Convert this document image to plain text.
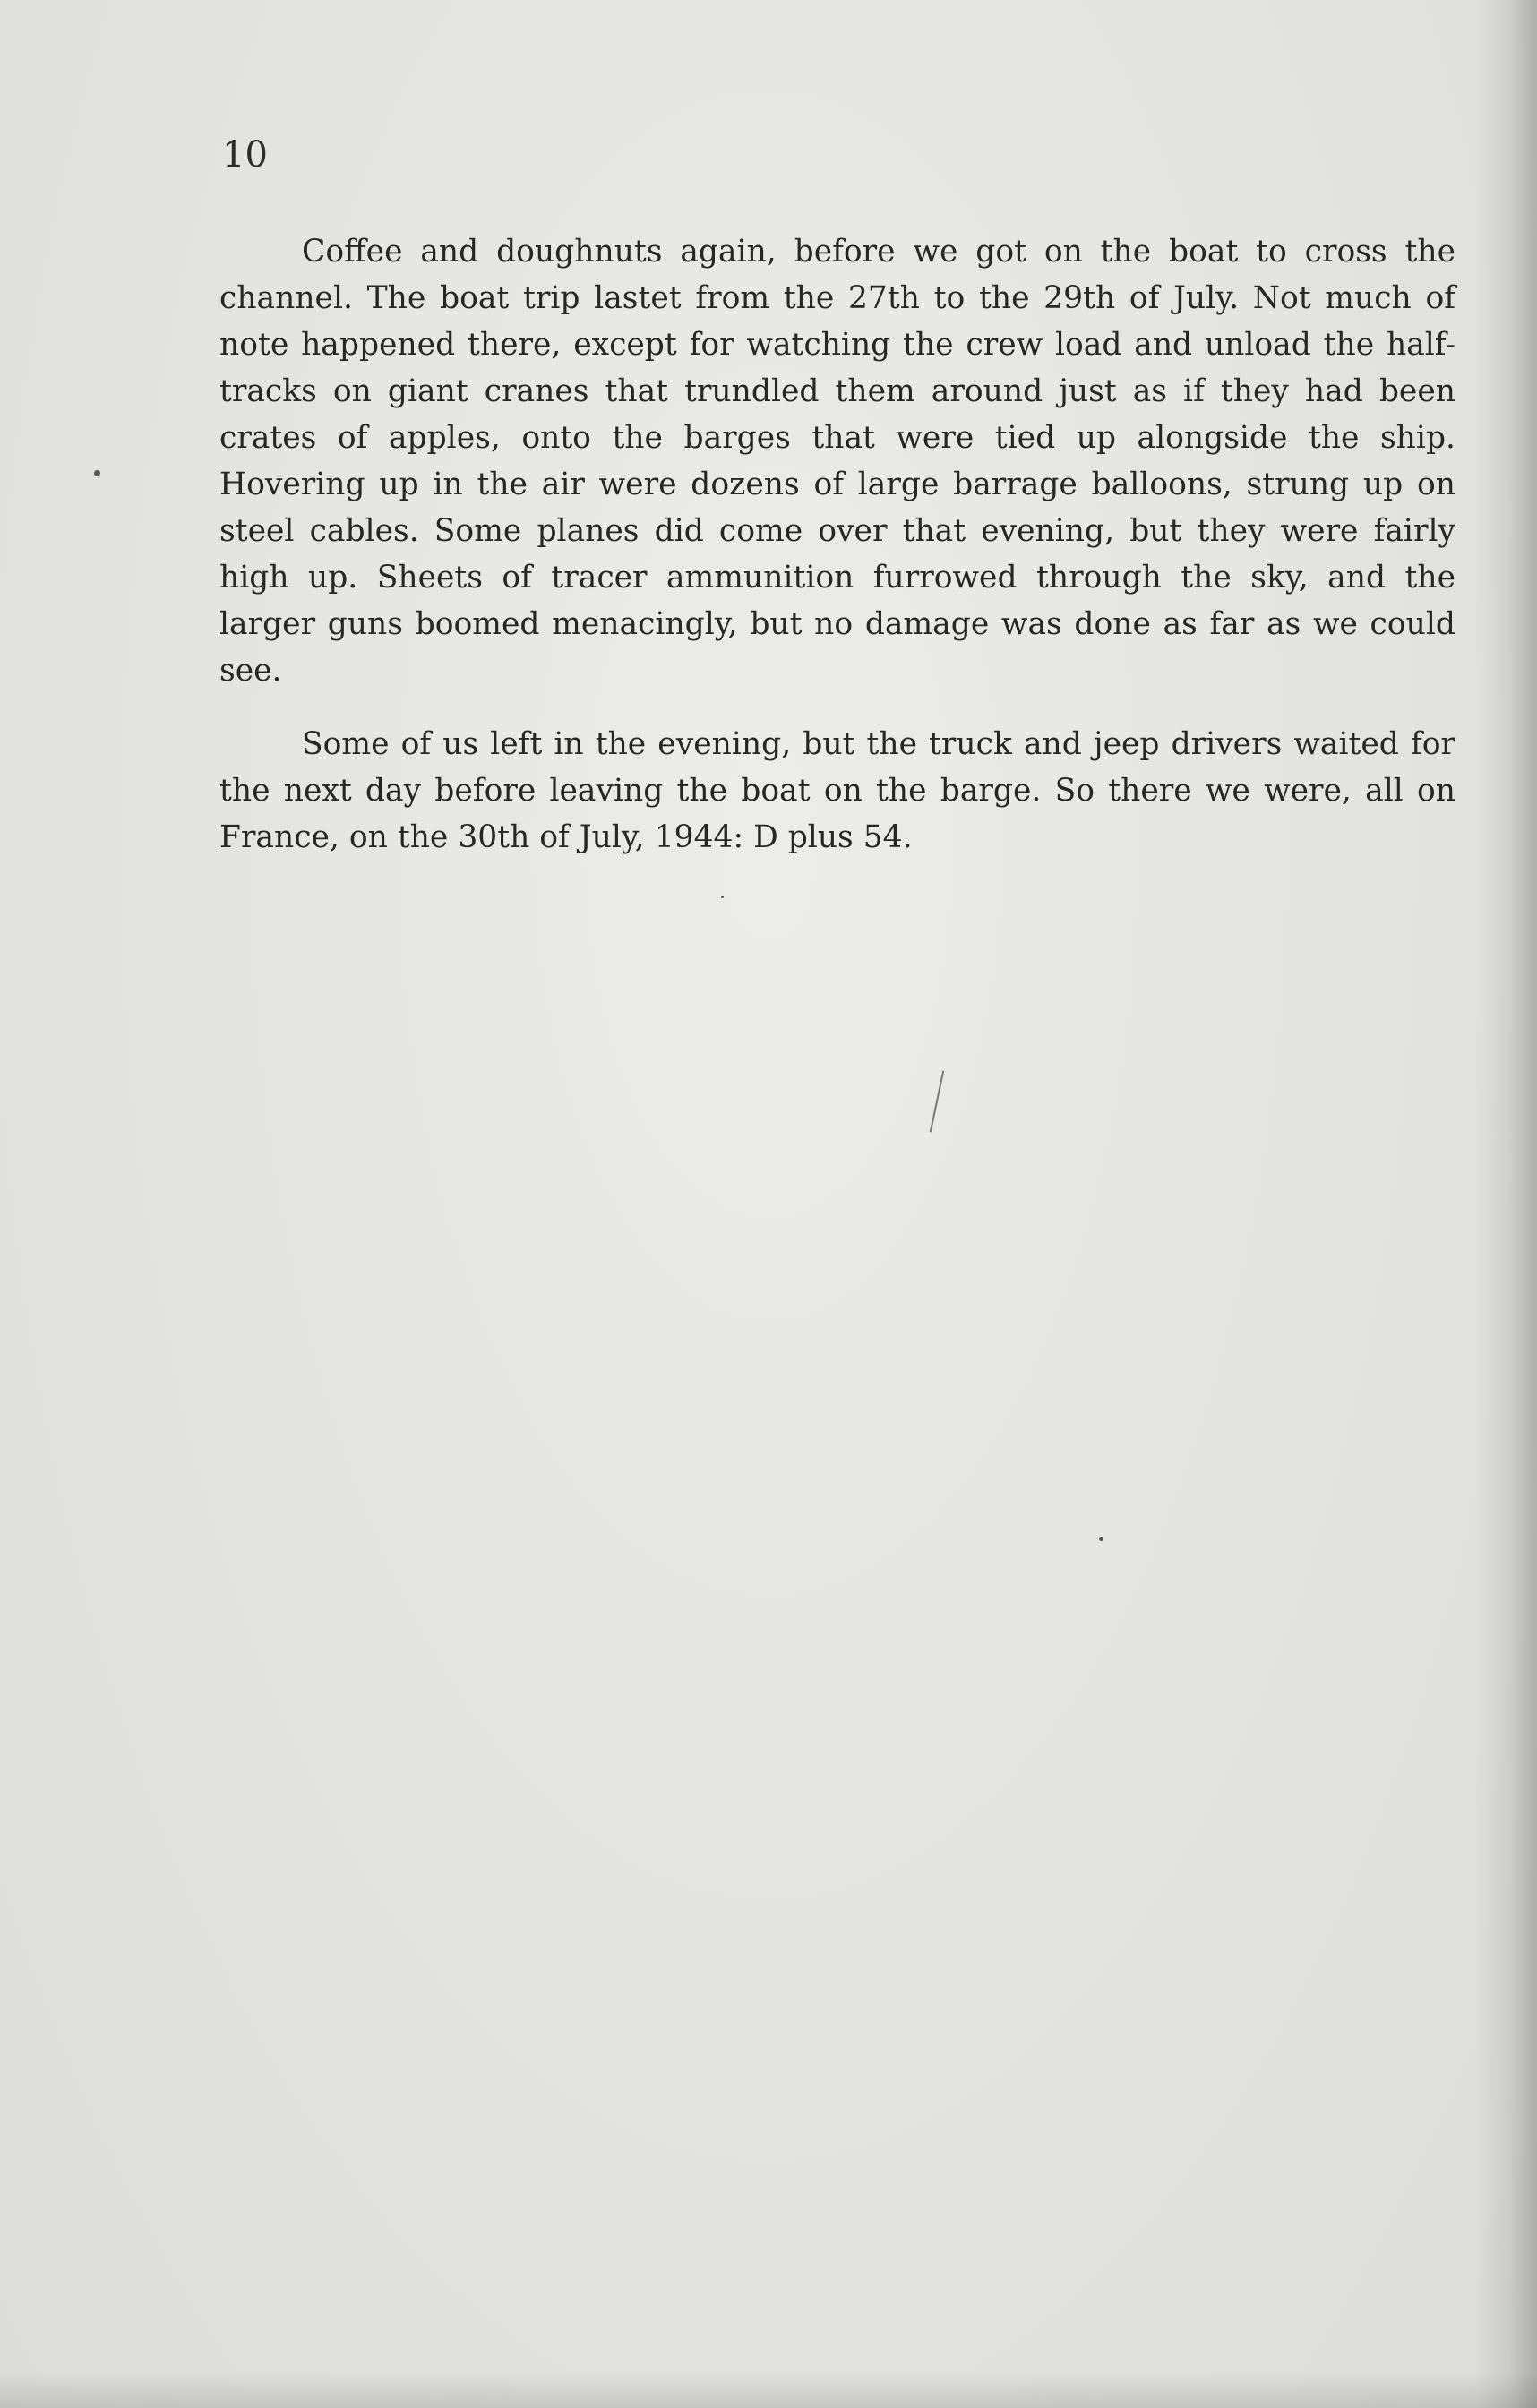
10

Coffee and doughnuts again, before we got on the boat to cross the channel. The boat trip lastet from the 27th to the 29th of July. Not much of note happened there, except for watching the crew load and unload the half-tracks on giant cranes that trundled them around just as if they had been crates of apples, onto the barges that were tied up alongside the ship. Hovering up in the air were dozens of large barrage balloons, strung up on steel cables. Some planes did come over that evening, but they were fairly high up. Sheets of tracer ammunition furrowed through the sky, and the larger guns boomed menacingly, but no damage was done as far as we could see.

Some of us left in the evening, but the truck and jeep drivers waited for the next day before leaving the boat on the barge. So there we were, all on France, on the 30th of July, 1944: D plus 54.
